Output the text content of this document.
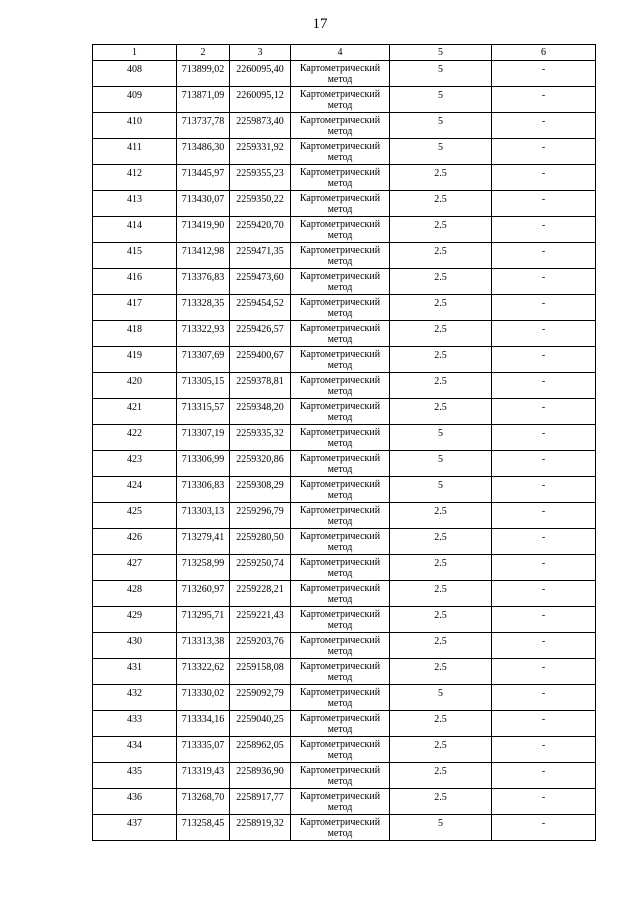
17
1	2	3	4	5	6
408	713899,02	2260095,40	Картометрический метод	5	-
409	713871,09	2260095,12	Картометрический метод	5	-
410	713737,78	2259873,40	Картометрический метод	5	-
411	713486,30	2259331,92	Картометрический метод	5	-
412	713445,97	2259355,23	Картометрический метод	2.5	-
413	713430,07	2259350,22	Картометрический метод	2.5	-
414	713419,90	2259420,70	Картометрический метод	2.5	-
415	713412,98	2259471,35	Картометрический метод	2.5	-
416	713376,83	2259473,60	Картометрический метод	2.5	-
417	713328,35	2259454,52	Картометрический метод	2.5	-
418	713322,93	2259426,57	Картометрический метод	2.5	-
419	713307,69	2259400,67	Картометрический метод	2.5	-
420	713305,15	2259378,81	Картометрический метод	2.5	-
421	713315,57	2259348,20	Картометрический метод	2.5	-
422	713307,19	2259335,32	Картометрический метод	5	-
423	713306,99	2259320,86	Картометрический метод	5	-
424	713306,83	2259308,29	Картометрический метод	5	-
425	713303,13	2259296,79	Картометрический метод	2.5	-
426	713279,41	2259280,50	Картометрический метод	2.5	-
427	713258,99	2259250,74	Картометрический метод	2.5	-
428	713260,97	2259228,21	Картометрический метод	2.5	-
429	713295,71	2259221,43	Картометрический метод	2.5	-
430	713313,38	2259203,76	Картометрический метод	2.5	-
431	713322,62	2259158,08	Картометрический метод	2.5	-
432	713330,02	2259092,79	Картометрический метод	5	-
433	713334,16	2259040,25	Картометрический метод	2.5	-
434	713335,07	2258962,05	Картометрический метод	2.5	-
435	713319,43	2258936,90	Картометрический метод	2.5	-
436	713268,70	2258917,77	Картометрический метод	2.5	-
437	713258,45	2258919,32	Картометрический метод	5	-
